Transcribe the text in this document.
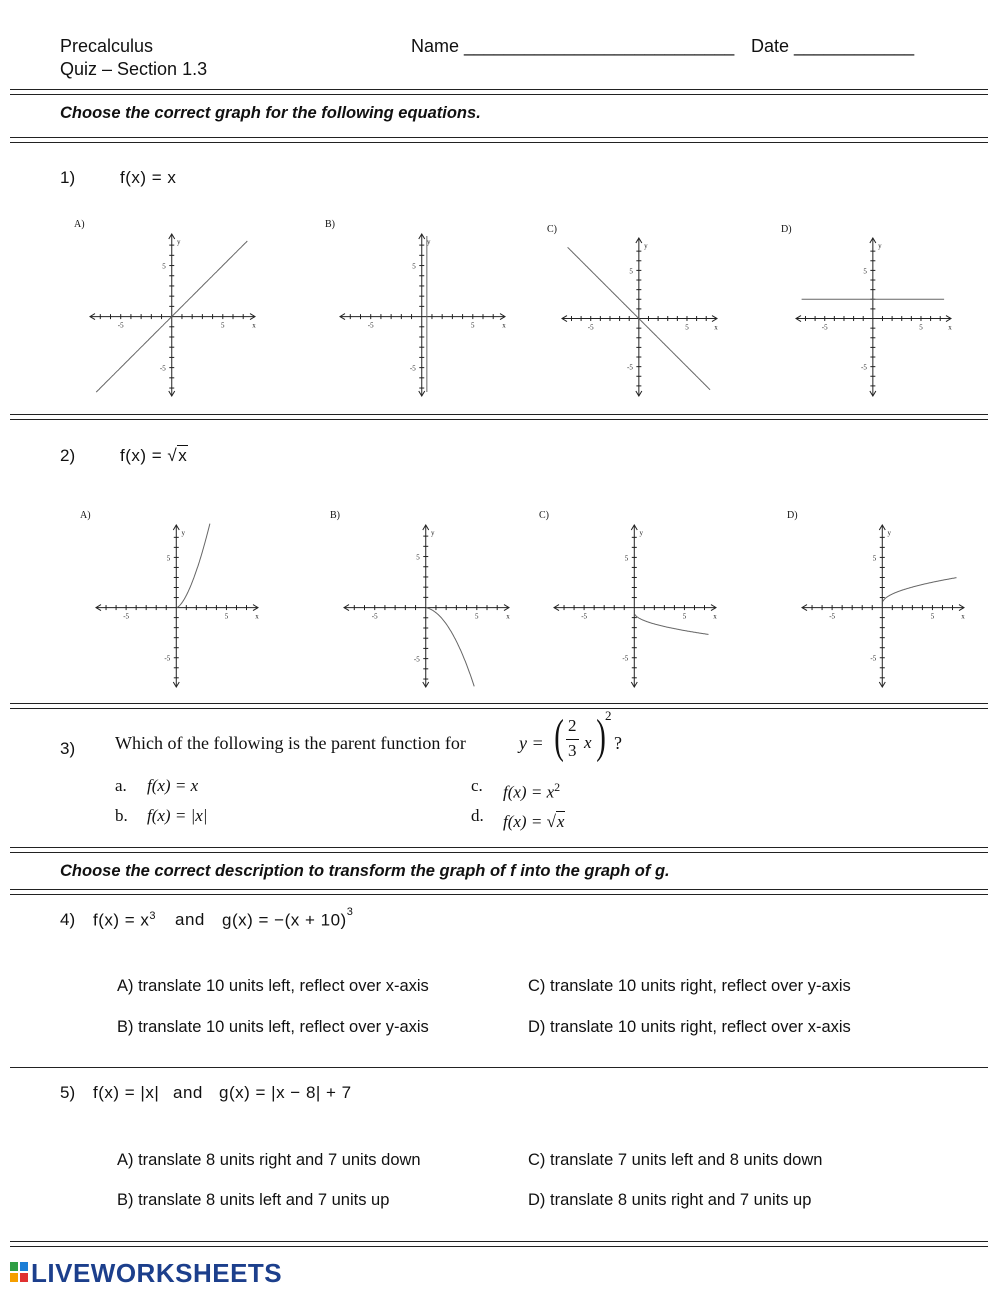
Precalculus
Quiz – Section 1.3
Name ___________________________ Date ____________
Choose the correct graph for the following equations.
1)	f(x) = x
A)	B)	C)	D)
-5	5	x
5
-5
y
-5	5	x
5
-5
y
-5	5	x
5
-5
y
-5	5	x
5
-5
y
2)	f(x) = √x
A)	B)	C)	D)
-5	5	x
5
-5
y
-5	5	x
5
-5
y
-5	5	x
5
-5
y
-5	5	x
5
-5
y
3) Which of the following is the parent function for	y = ( 2
3 x ) 2
?
a. f(x) = x
b. f(x) = |x|
c. $f(x) = x^2$
d. f(x) = √x
Choose the correct description to transform the graph of f into the graph of g.
4) $f(x) = x^3$ and $g(x) = -(x + 10)^3$
A) translate 10 units left, reflect over x-axis
B) translate 10 units left, reflect over y-axis
C) translate 10 units right, reflect over y-axis
D) translate 10 units right, reflect over x-axis
5) f(x) = |x| and g(x) = |x − 8| + 7
A) translate 8 units right and 7 units down
B) translate 8 units left and 7 units up
C) translate 7 units left and 8 units down
D) translate 8 units right and 7 units up
LIVEWORKSHEETS
